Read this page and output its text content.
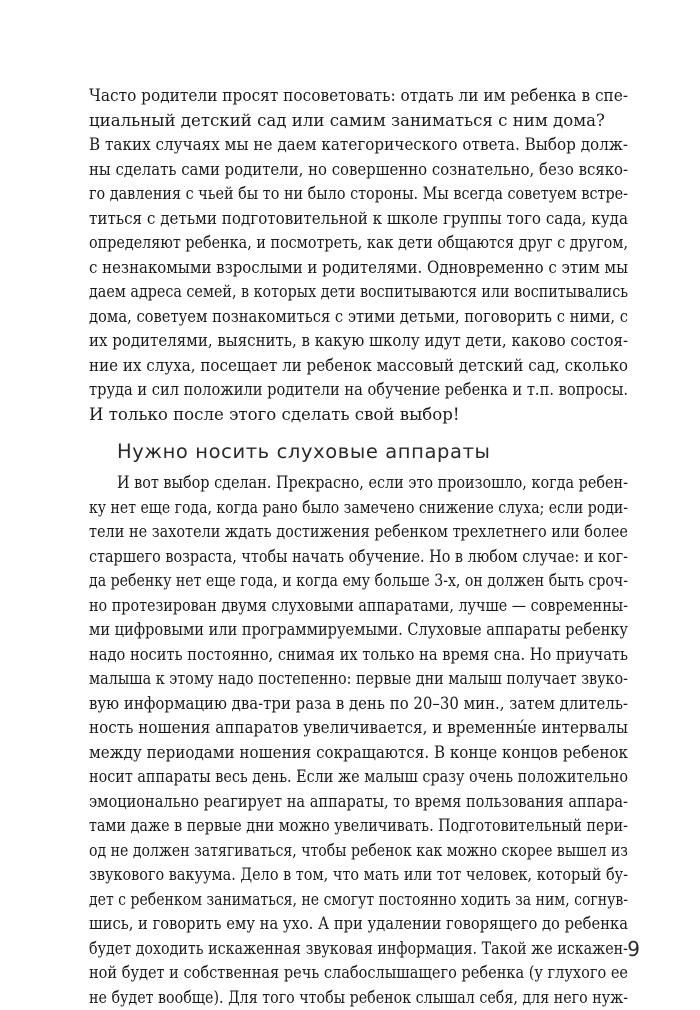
Часто родители просят посоветовать: отдать ли им ребенка в спе-

циальный детский сад или самим заниматься с ним дома?

В таких случаях мы не даем категорического ответа. Выбор долж-

ны сделать сами родители, но совершенно сознательно, безо всяко-

го давления с чьей бы то ни было стороны. Мы всегда советуем встре-

титься с детьми подготовительной к школе группы того сада, куда

определяют ребенка, и посмотреть, как дети общаются друг с другом,

с незнакомыми взрослыми и родителями. Одновременно с этим мы

даем адреса семей, в которых дети воспитываются или воспитывались

дома, советуем познакомиться с этими детьми, поговорить с ними, с

их родителями, выяснить, в какую школу идут дети, каково состоя-

ние их слуха, посещает ли ребенок массовый детский сад, сколько

труда и сил положили родители на обучение ребенка и т.п. вопросы.

И только после этого сделать свой выбор!

Нужно носить слуховые аппараты

И вот выбор сделан. Прекрасно, если это произошло, когда ребен-

ку нет еще года, когда рано было замечено снижение слуха; если роди-

тели не захотели ждать достижения ребенком трехлетнего или более

старшего возраста, чтобы начать обучение. Но в любом случае: и ког-

да ребенку нет еще года, и когда ему больше 3-х, он должен быть сроч-

но протезирован двумя слуховыми аппаратами, лучше — современны-

ми цифровыми или программируемыми. Слуховые аппараты ребенку

надо носить постоянно, снимая их только на время сна. Но приучать

малыша к этому надо постепенно: первые дни малыш получает звуко-

вую информацию два-три раза в день по 20–30 мин., затем длитель-

ность ношения аппаратов увеличивается, и временны́е интервалы

между периодами ношения сокращаются. В конце концов ребенок

носит аппараты весь день. Если же малыш сразу очень положительно

эмоционально реагирует на аппараты, то время пользования аппара-

тами даже в первые дни можно увеличивать. Подготовительный пери-

од не должен затягиваться, чтобы ребенок как можно скорее вышел из

звукового вакуума. Дело в том, что мать или тот человек, который бу-

дет с ребенком заниматься, не смогут постоянно ходить за ним, согнув-

шись, и говорить ему на ухо. А при удалении говорящего до ребенка

будет доходить искаженная звуковая информация. Такой же искажен-

ной будет и собственная речь слабослышащего ребенка (у глухого ее

не будет вообще). Для того чтобы ребенок слышал себя, для него нуж-

9
